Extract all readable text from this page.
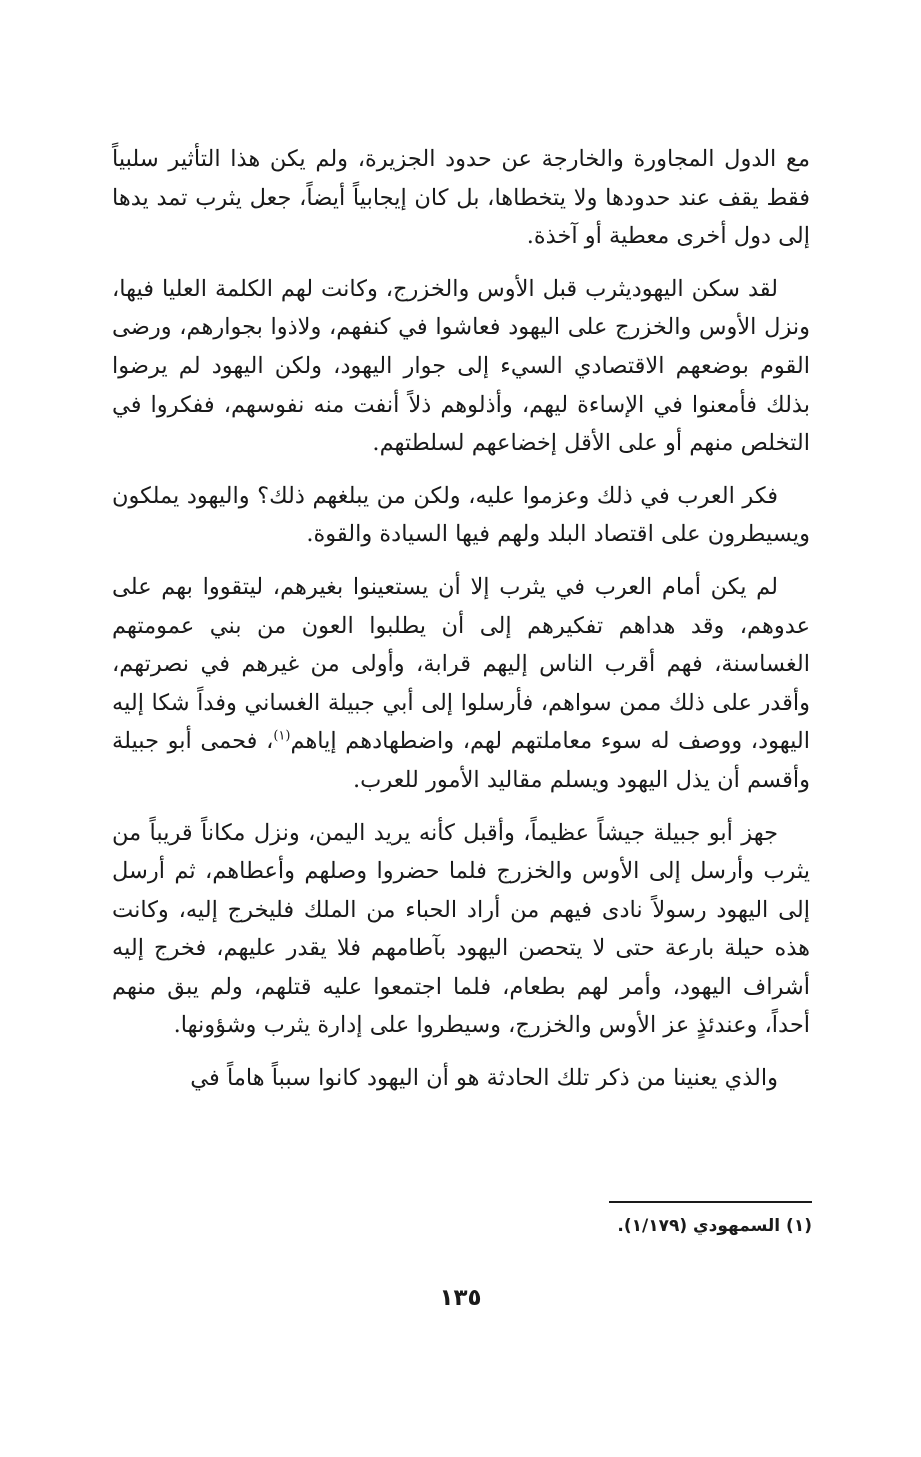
مع الدول المجاورة والخارجة عن حدود الجزيرة، ولم يكن هذا التأثير سلبياً فقط يقف عند حدودها ولا يتخطاها، بل كان إيجابياً أيضاً، جعل يثرب تمد يدها إلى دول أخرى معطية أو آخذة.

لقد سكن اليهوديثرب قبل الأوس والخزرج، وكانت لهم الكلمة العليا فيها، ونزل الأوس والخزرج على اليهود فعاشوا في كنفهم، ولاذوا بجوارهم، ورضى القوم بوضعهم الاقتصادي السيء إلى جوار اليهود، ولكن اليهود لم يرضوا بذلك فأمعنوا في الإساءة ليهم، وأذلوهم ذلاً أنفت منه نفوسهم، ففكروا في التخلص منهم أو على الأقل إخضاعهم لسلطتهم.

فكر العرب في ذلك وعزموا عليه، ولكن من يبلغهم ذلك؟ واليهود يملكون ويسيطرون على اقتصاد البلد ولهم فيها السيادة والقوة.

لم يكن أمام العرب في يثرب إلا أن يستعينوا بغيرهم، ليتقووا بهم على عدوهم، وقد هداهم تفكيرهم إلى أن يطلبوا العون من بني عمومتهم الغساسنة، فهم أقرب الناس إليهم قرابة، وأولى من غيرهم في نصرتهم، وأقدر على ذلك ممن سواهم، فأرسلوا إلى أبي جبيلة الغساني وفداً شكا إليه اليهود، ووصف له سوء معاملتهم لهم، واضطهادهم إياهم$^{(١)}$، فحمى أبو جبيلة وأقسم أن يذل اليهود ويسلم مقاليد الأمور للعرب.

جهز أبو جبيلة جيشاً عظيماً، وأقبل كأنه يريد اليمن، ونزل مكاناً قريباً من يثرب وأرسل إلى الأوس والخزرج فلما حضروا وصلهم وأعطاهم، ثم أرسل إلى اليهود رسولاً نادى فيهم من أراد الحباء من الملك فليخرج إليه، وكانت هذه حيلة بارعة حتى لا يتحصن اليهود بآطامهم فلا يقدر عليهم، فخرج إليه أشراف اليهود، وأمر لهم بطعام، فلما اجتمعوا عليه قتلهم، ولم يبق منهم أحداً، وعندئذٍ عز الأوس والخزرج، وسيطروا على إدارة يثرب وشؤونها.

والذي يعنينا من ذكر تلك الحادثة هو أن اليهود كانوا سبباً هاماً في

(١) السمهودي (١/١٧٩).
١٣٥
